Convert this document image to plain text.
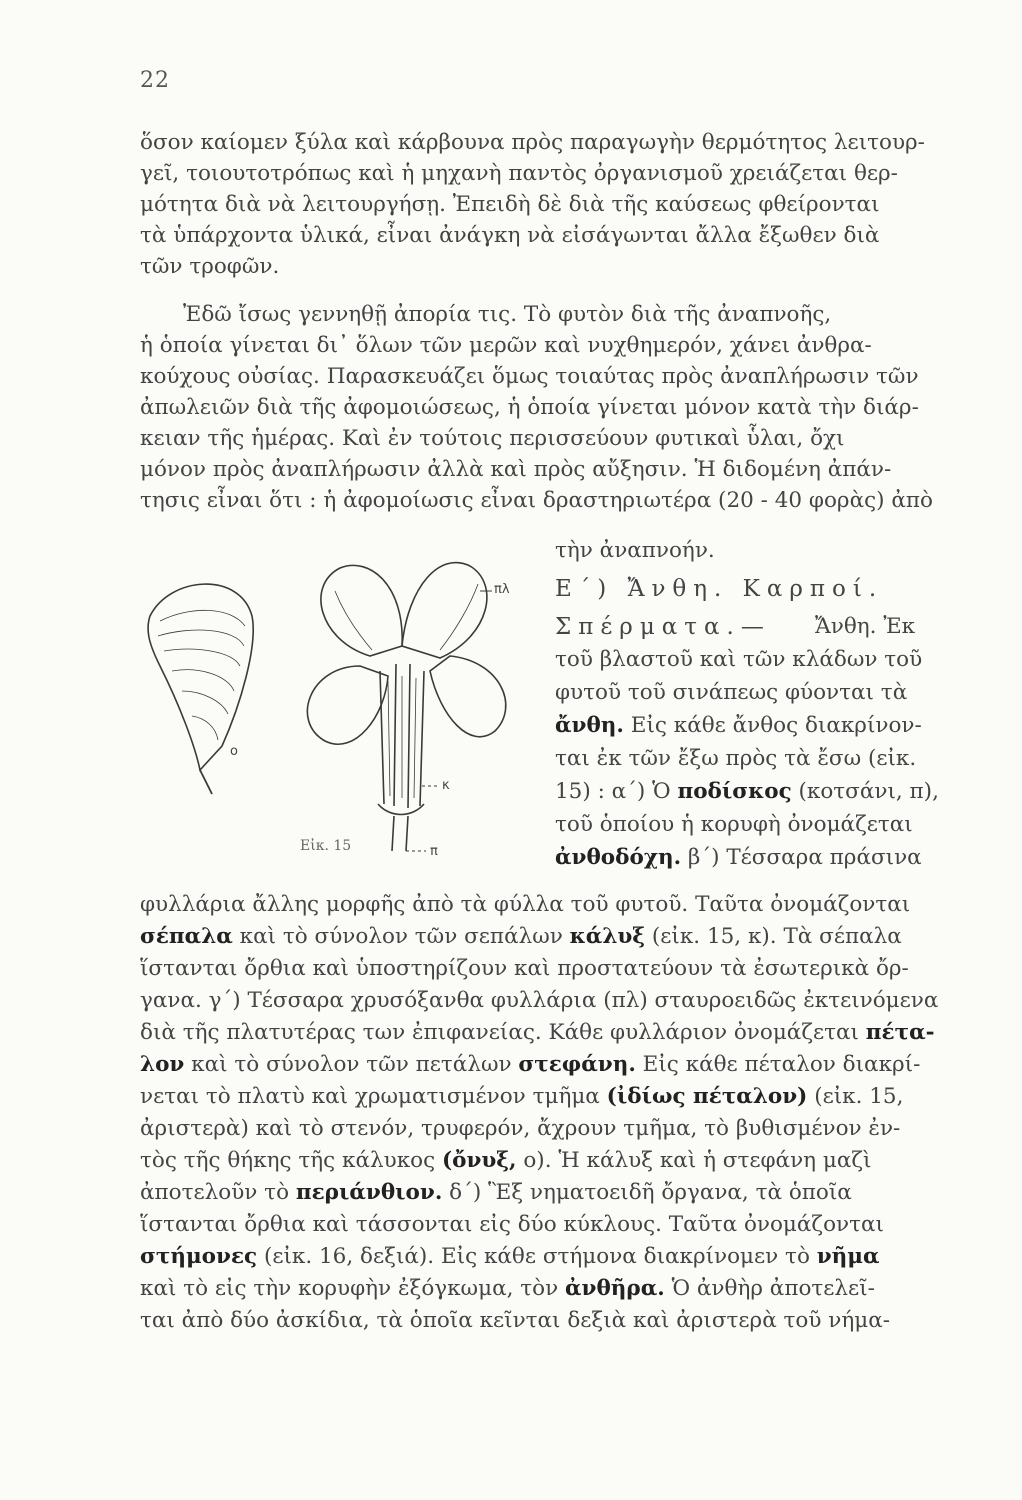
22
ὅσον καίομεν ξύλα καὶ κάρβουνα πρὸς παραγωγὴν θερμότητος λειτουρ-
γεῖ, τοιουτοτρόπως καὶ ἡ μηχανὴ παντὸς ὀργανισμοῦ χρειάζεται θερ-
μότητα διὰ νὰ λειτουργήσῃ. Ἐπειδὴ δὲ διὰ τῆς καύσεως φθείρονται
τὰ ὑπάρχοντα ὑλικά, εἶναι ἀνάγκη νὰ εἰσάγωνται ἄλλα ἔξωθεν διὰ
τῶν τροφῶν.
Ἐδῶ ἴσως γεννηθῇ ἀπορία τις. Τὸ φυτὸν διὰ τῆς ἀναπνοῆς,
ἡ ὁποία γίνεται δι᾽ ὅλων τῶν μερῶν καὶ νυχθημερόν, χάνει ἀνθρα-
κούχους οὐσίας. Παρασκευάζει ὅμως τοιαύτας πρὸς ἀναπλήρωσιν τῶν
ἀπωλειῶν διὰ τῆς ἀφομοιώσεως, ἡ ὁποία γίνεται μόνον κατὰ τὴν διάρ-
κειαν τῆς ἡμέρας. Καὶ ἐν τούτοις περισσεύουν φυτικαὶ ὗλαι, ὄχι
μόνον πρὸς ἀναπλήρωσιν ἀλλὰ καὶ πρὸς αὔξησιν. Ἡ διδομένη ἀπάν-
τησις εἶναι ὅτι : ἡ ἀφομοίωσις εἶναι δραστηριωτέρα (20 - 40 φορὰς) ἀπὸ
τὴν ἀναπνοήν.
Ε΄) Ἄνθη. Καρποί.
Σπέρματα.— Ἄνθη. Ἐκ
τοῦ βλαστοῦ καὶ τῶν κλάδων τοῦ
φυτοῦ τοῦ σινάπεως φύονται τὰ
ἄνθη. Εἰς κάθε ἄνθος διακρίνον-
ται ἐκ τῶν ἔξω πρὸς τὰ ἔσω (εἰκ.
15) : α΄) Ὁ ποδίσκος (κοτσάνι, π),
τοῦ ὁποίου ἡ κορυφὴ ὀνομάζεται
ἀνθοδόχη. β΄) Τέσσαρα πράσινα
πλ
ο
κ
π
Εἰκ. 15
φυλλάρια ἄλλης μορφῆς ἀπὸ τὰ φύλλα τοῦ φυτοῦ. Ταῦτα ὀνομάζονται
σέπαλα καὶ τὸ σύνολον τῶν σεπάλων κάλυξ (εἰκ. 15, κ). Τὰ σέπαλα
ἵστανται ὄρθια καὶ ὑποστηρίζουν καὶ προστατεύουν τὰ ἐσωτερικὰ ὄρ-
γανα. γ΄) Τέσσαρα χρυσόξανθα φυλλάρια (πλ) σταυροειδῶς ἐκτεινόμενα
διὰ τῆς πλατυτέρας των ἐπιφανείας. Κάθε φυλλάριον ὀνομάζεται πέτα-
λον καὶ τὸ σύνολον τῶν πετάλων στεφάνη. Εἰς κάθε πέταλον διακρί-
νεται τὸ πλατὺ καὶ χρωματισμένον τμῆμα (ἰδίως πέταλον) (εἰκ. 15,
ἀριστερὰ) καὶ τὸ στενόν, τρυφερόν, ἄχρουν τμῆμα, τὸ βυθισμένον ἐν-
τὸς τῆς θήκης τῆς κάλυκος (ὄνυξ, ο). Ἡ κάλυξ καὶ ἡ στεφάνη μαζὶ
ἀποτελοῦν τὸ περιάνθιον. δ΄) Ἓξ νηματοειδῆ ὄργανα, τὰ ὁποῖα
ἵστανται ὄρθια καὶ τάσσονται εἰς δύο κύκλους. Ταῦτα ὀνομάζονται
στήμονες (εἰκ. 16, δεξιά). Εἰς κάθε στήμονα διακρίνομεν τὸ νῆμα
καὶ τὸ εἰς τὴν κορυφὴν ἐξόγκωμα, τὸν ἀνθῆρα. Ὁ ἀνθὴρ ἀποτελεῖ-
ται ἀπὸ δύο ἀσκίδια, τὰ ὁποῖα κεῖνται δεξιὰ καὶ ἀριστερὰ τοῦ νήμα-
